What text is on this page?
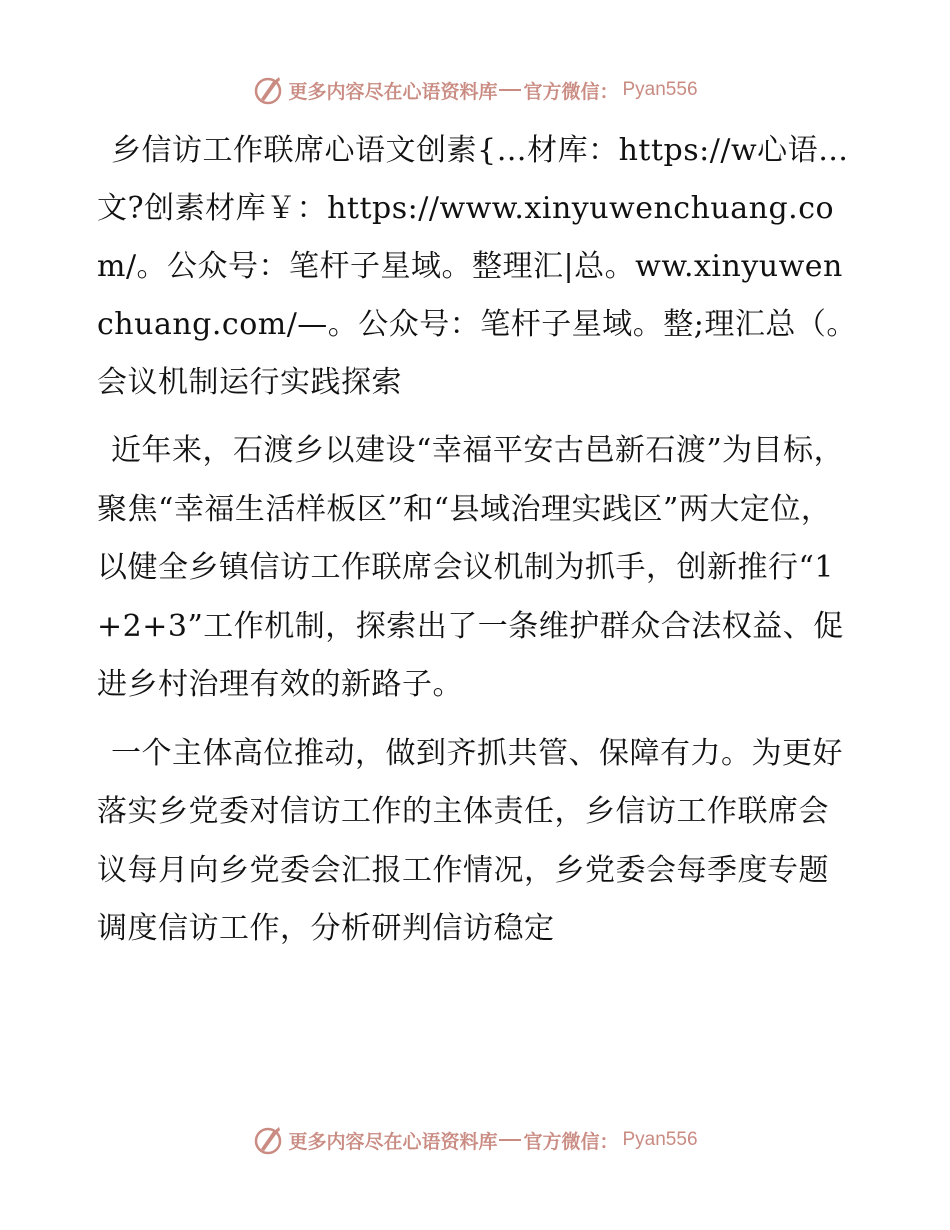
更多内容尽在心语资料库 官方微信： Pyan556

乡信访工作联席心语文创素{…材库：https://w心语…文?创素材库￥：https://www.xinyuwenchuang.com/。公众号：笔杆子星域。整理汇|总。ww.xinyuwenchuang.com/—。公众号：笔杆子星域。整;理汇总（。会议机制运行实践探索

近年来，石渡乡以建设“幸福平安古邑新石渡”为目标，聚焦“幸福生活样板区”和“县域治理实践区”两大定位，以健全乡镇信访工作联席会议机制为抓手，创新推行“1+2+3”工作机制，探索出了一条维护群众合法权益、促进乡村治理有效的新路子。

一个主体高位推动，做到齐抓共管、保障有力。为更好落实乡党委对信访工作的主体责任，乡信访工作联席会议每月向乡党委会汇报工作情况，乡党委会每季度专题调度信访工作，分析研判信访稳定

更多内容尽在心语资料库 官方微信： Pyan556
